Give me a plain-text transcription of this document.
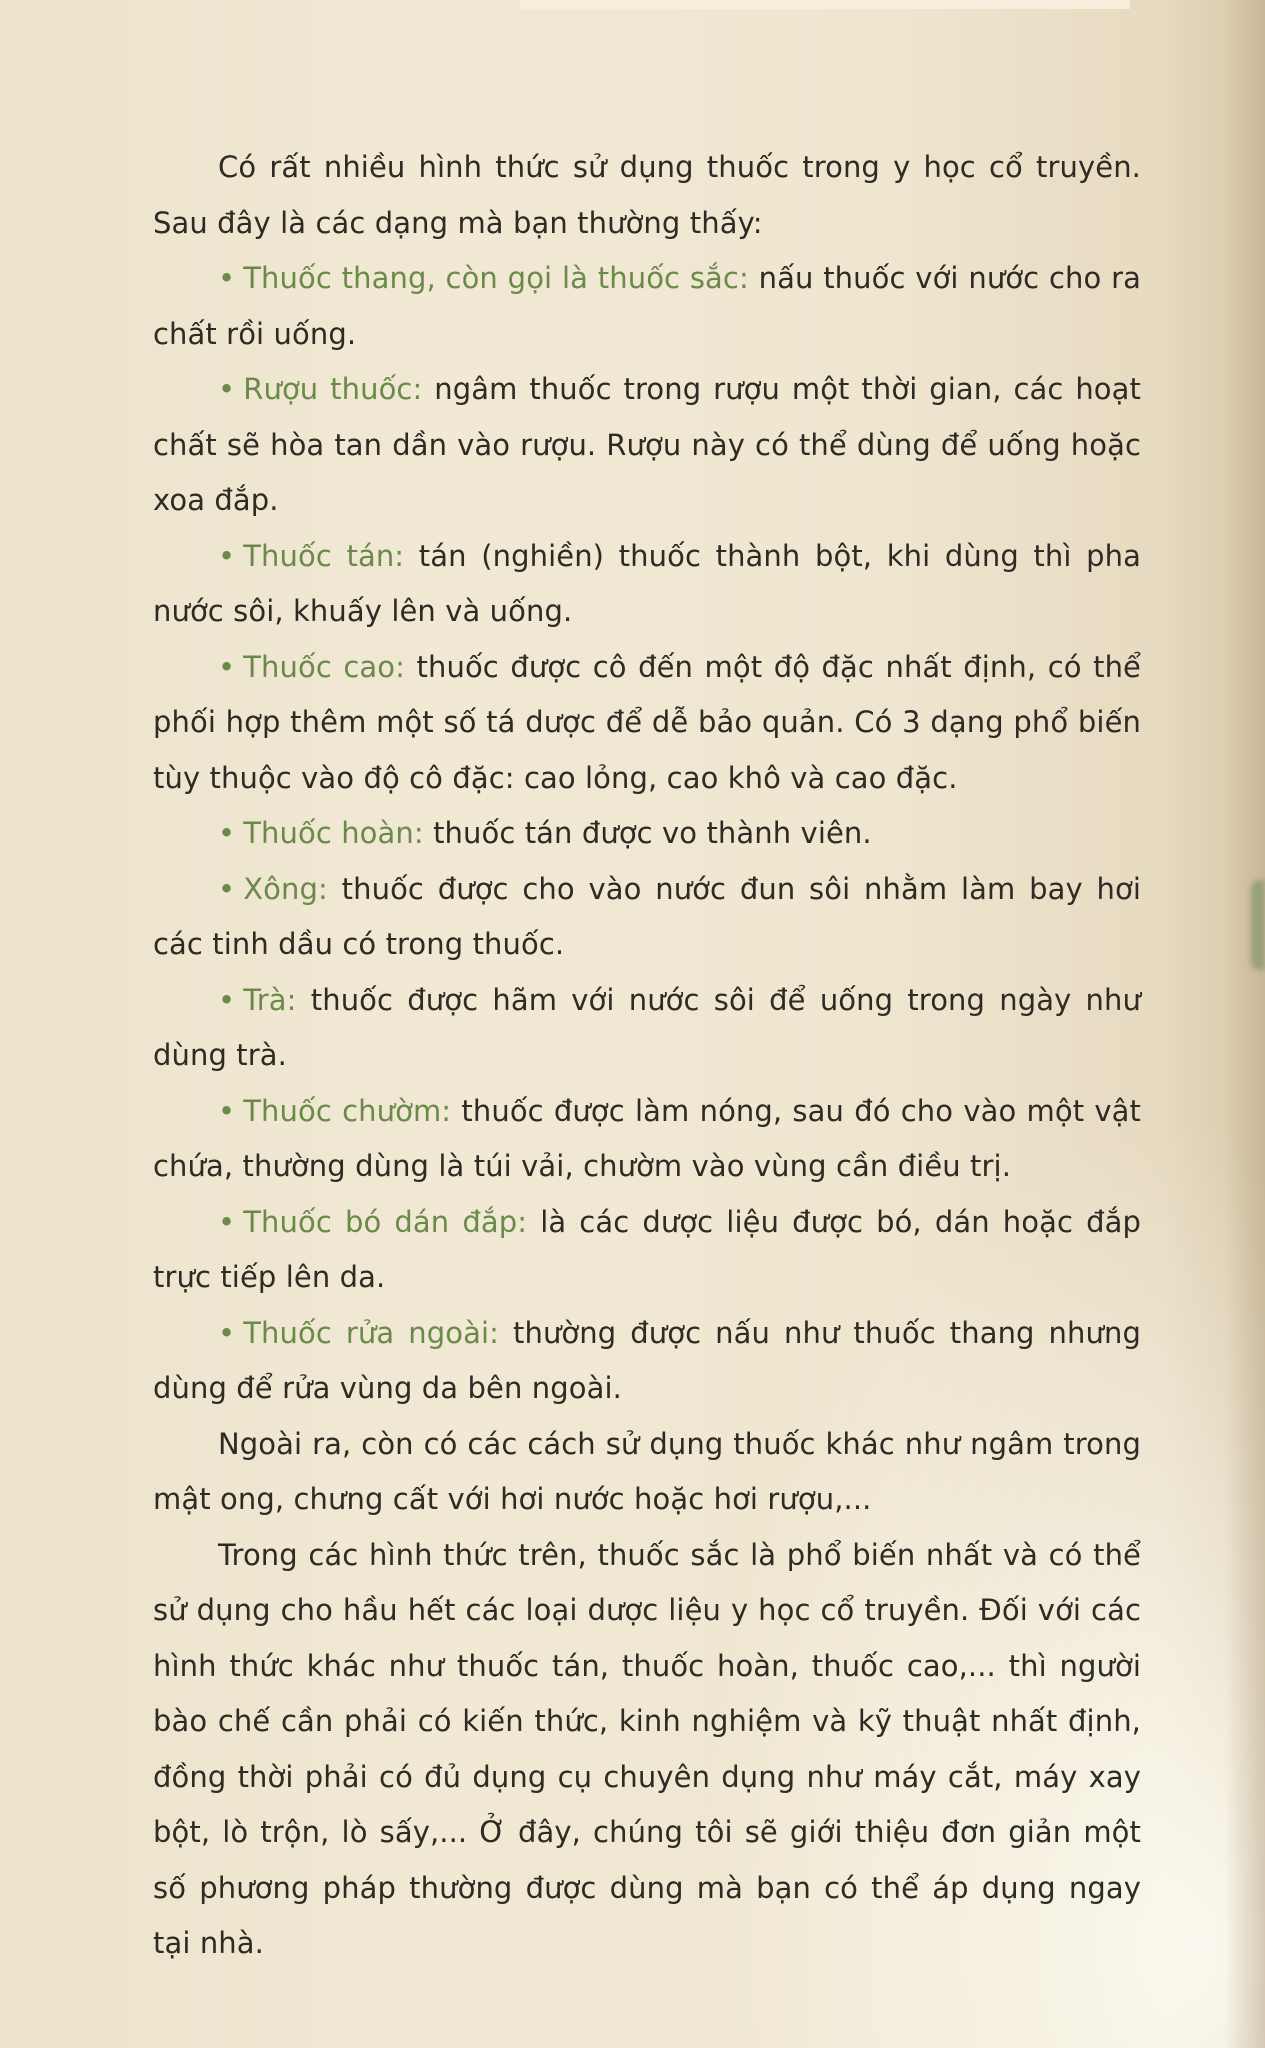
Có rất nhiều hình thức sử dụng thuốc trong y học cổ truyền. Sau đây là các dạng mà bạn thường thấy:

• Thuốc thang, còn gọi là thuốc sắc: nấu thuốc với nước cho ra chất rồi uống.

• Rượu thuốc: ngâm thuốc trong rượu một thời gian, các hoạt chất sẽ hòa tan dần vào rượu. Rượu này có thể dùng để uống hoặc xoa đắp.

• Thuốc tán: tán (nghiền) thuốc thành bột, khi dùng thì pha nước sôi, khuấy lên và uống.

• Thuốc cao: thuốc được cô đến một độ đặc nhất định, có thể phối hợp thêm một số tá dược để dễ bảo quản. Có 3 dạng phổ biến tùy thuộc vào độ cô đặc: cao lỏng, cao khô và cao đặc.

• Thuốc hoàn: thuốc tán được vo thành viên.

• Xông: thuốc được cho vào nước đun sôi nhằm làm bay hơi các tinh dầu có trong thuốc.

• Trà: thuốc được hãm với nước sôi để uống trong ngày như dùng trà.

• Thuốc chườm: thuốc được làm nóng, sau đó cho vào một vật chứa, thường dùng là túi vải, chườm vào vùng cần điều trị.

• Thuốc bó dán đắp: là các dược liệu được bó, dán hoặc đắp trực tiếp lên da.

• Thuốc rửa ngoài: thường được nấu như thuốc thang nhưng dùng để rửa vùng da bên ngoài.

Ngoài ra, còn có các cách sử dụng thuốc khác như ngâm trong mật ong, chưng cất với hơi nước hoặc hơi rượu,...

Trong các hình thức trên, thuốc sắc là phổ biến nhất và có thể sử dụng cho hầu hết các loại dược liệu y học cổ truyền. Đối với các hình thức khác như thuốc tán, thuốc hoàn, thuốc cao,... thì người bào chế cần phải có kiến thức, kinh nghiệm và kỹ thuật nhất định, đồng thời phải có đủ dụng cụ chuyên dụng như máy cắt, máy xay bột, lò trộn, lò sấy,... Ở đây, chúng tôi sẽ giới thiệu đơn giản một số phương pháp thường được dùng mà bạn có thể áp dụng ngay tại nhà.
